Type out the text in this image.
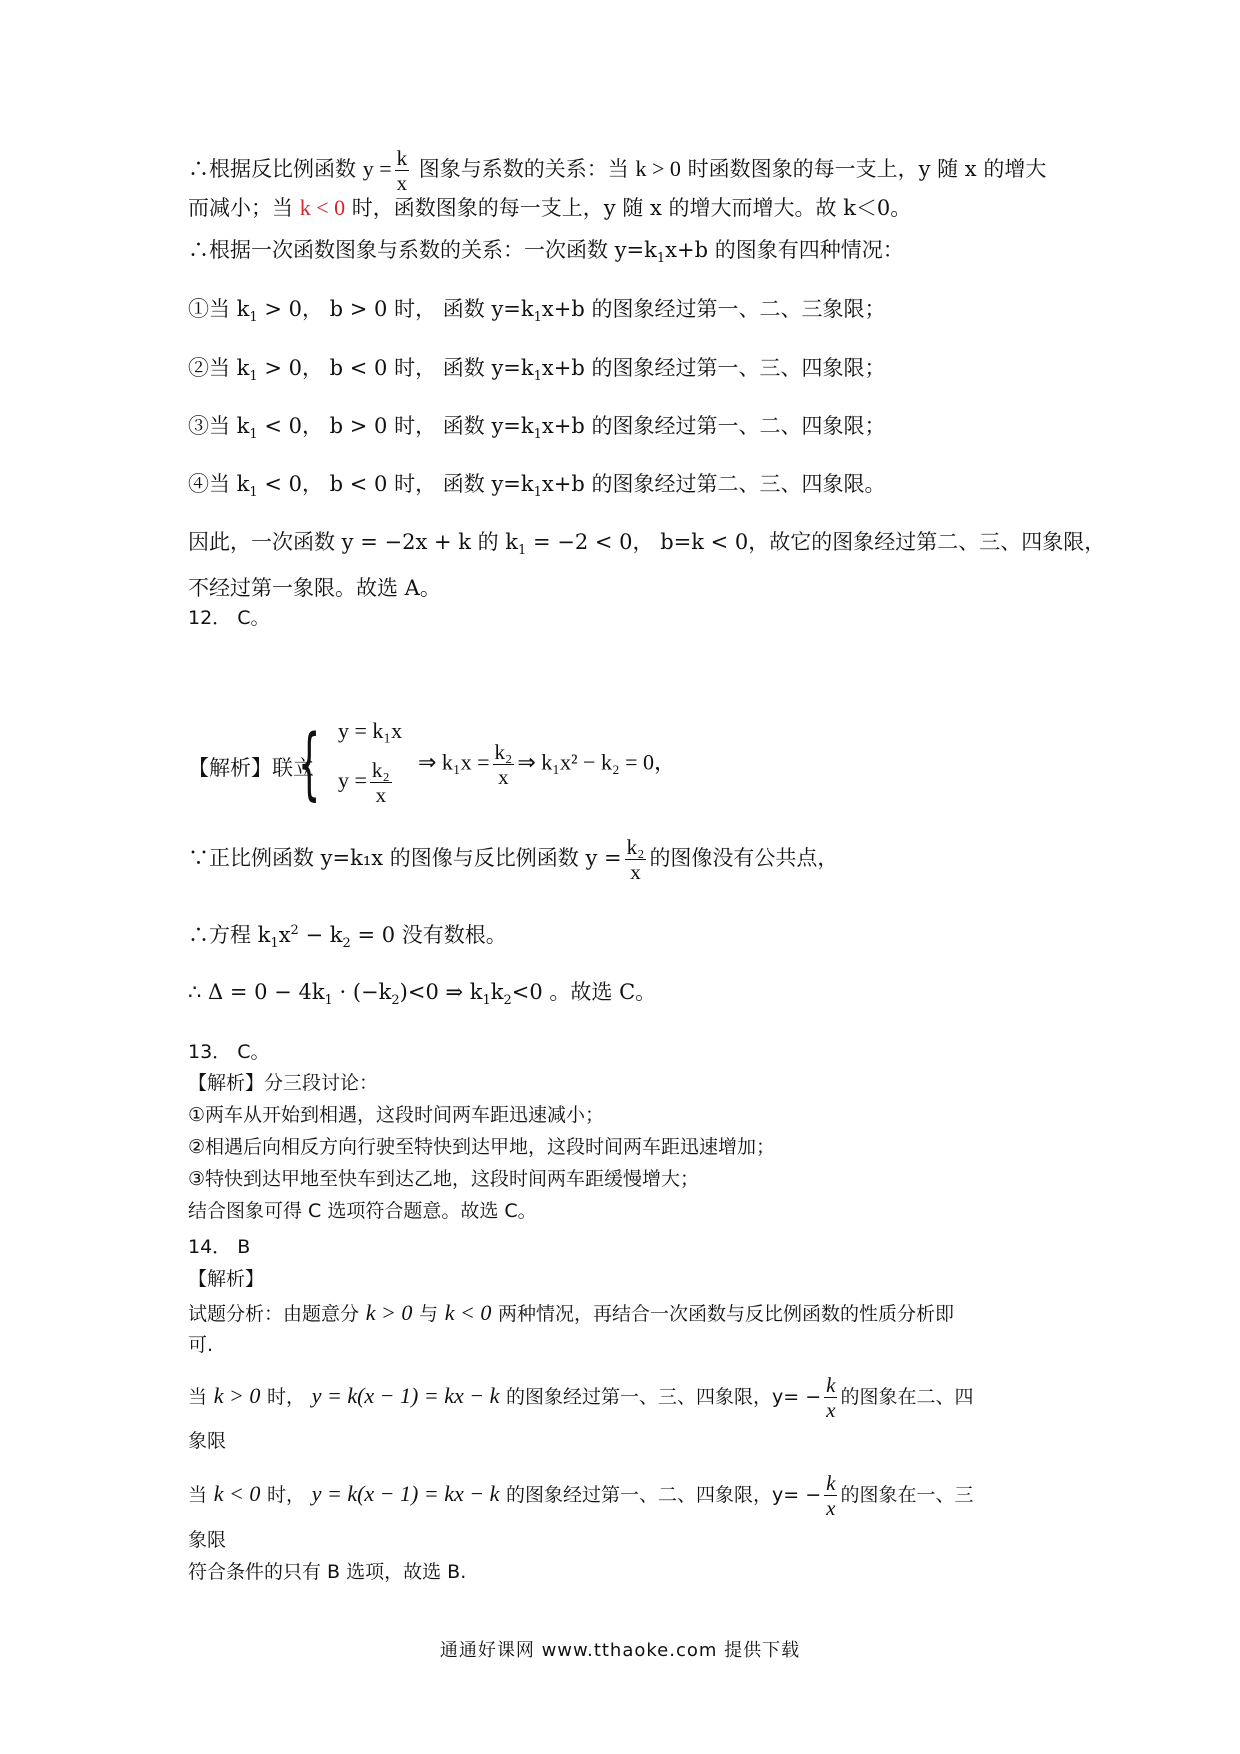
∴根据反比例函数 $y = \frac{k}{x}$ 图象与系数的关系：当 k > 0 时函数图象的每一支上，y 随 x 的增大
而减小；当 k < 0 时，函数图象的每一支上，y 随 x 的增大而增大。故 k＜0。
∴根据一次函数图象与系数的关系：一次函数 $y=k_1x+b$ 的图象有四种情况：
①当 $k_1 > 0$， b > 0 时， 函数 $y=k_1x+b$ 的图象经过第一、二、三象限；
②当 $k_1 > 0$， b < 0 时， 函数 $y=k_1x+b$ 的图象经过第一、三、四象限；
③当 $k_1 < 0$， b > 0 时， 函数 $y=k_1x+b$ 的图象经过第一、二、四象限；
④当 $k_1 < 0$， b < 0 时， 函数 $y=k_1x+b$ 的图象经过第二、三、四象限。
因此，一次函数 y = −2x + k 的 $k_1 = -2 < 0$， b=k < 0，故它的图象经过第二、三、四象限，
不经过第一象限。故选 A。
12． C。
【解析】联立
{ y = k₁x
$y = \frac{\text{k₂}}{x}$ ⇒ $k_1x = \frac{\text{k₂}}{x}$ ⇒ k₁x² − k₂ = 0，
∵正比例函数 y=k₁x 的图像与反比例函数 $y = \frac{\text{k₂}}{x}$ 的图像没有公共点，
∴方程 $k_1x^2 - k_2 = 0$ 没有数根。
∴ $\Delta = 0 - 4k_1 \cdot (-k_2)<0$ ⇒ $k_1k_2<0$ 。故选 C。
13． C。
【解析】分三段讨论：
①两车从开始到相遇，这段时间两车距迅速减小；
②相遇后向相反方向行驶至特快到达甲地，这段时间两车距迅速增加；
③特快到达甲地至快车到达乙地，这段时间两车距缓慢增大；
结合图象可得 C 选项符合题意。故选 C。
14． B
【解析】
试题分析：由题意分 k > 0 与 k < 0 两种情况，再结合一次函数与反比例函数的性质分析即
可.
当 k > 0 时， y = k(x − 1) = kx − k 的图象经过第一、三、四象限，$y= - \frac{k}{x}$ 的图象在二、四
象限
当 k < 0 时， y = k(x − 1) = kx − k 的图象经过第一、二、四象限，$y= - \frac{k}{x}$ 的图象在一、三
象限
符合条件的只有 B 选项，故选 B.
通通好课网 www.tthaoke.com 提供下载
